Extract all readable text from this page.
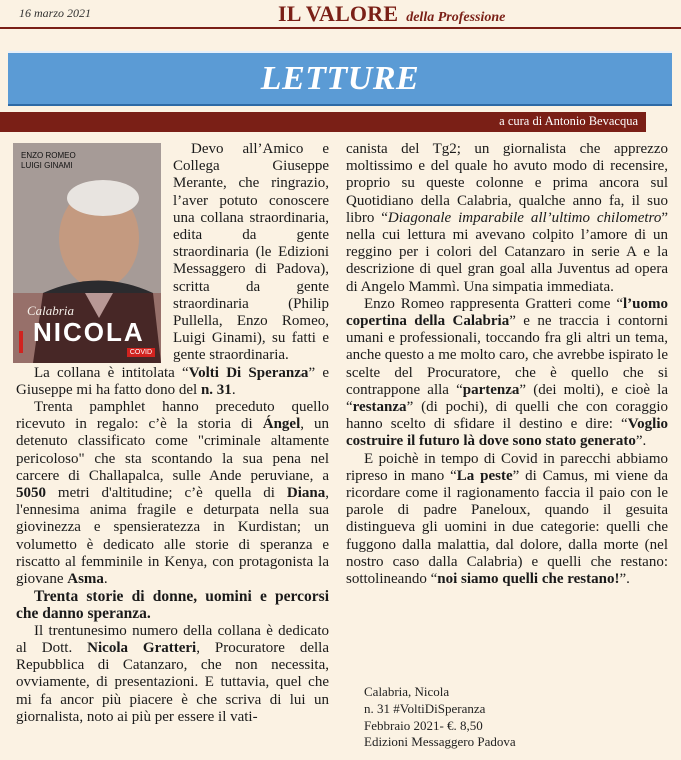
16 marzo 2021	IL VALORE della Professione
LETTURE
a cura di Antonio Bevacqua
ENZO ROMEO
LUIGI GINAMI
Calabria
NICOLA
COVID

Devo all’Amico e Collega Giuseppe Merante, che ringrazio, l’aver potuto conoscere una collana straordinaria, edita da gente straordinaria (le Edizioni Messaggero di Padova), scritta da gente straordinaria (Philip Pullella, Enzo Romeo, Luigi Ginami), su fatti e gente straordinaria.

La collana è intitolata “Volti Di Speranza” e Giuseppe mi ha fatto dono del n. 31.

Trenta pamphlet hanno preceduto quello ricevuto in regalo: c’è la storia di Ángel, un detenuto classificato come "criminale altamente pericoloso" che sta scontando la sua pena nel carcere di Challapalca, sulle Ande peruviane, a 5050 metri d'altitudine; c’è quella di Diana, l'ennesima anima fragile e deturpata nella sua giovinezza e spensieratezza in Kurdistan; un volumetto è dedicato alle storie di speranza e riscatto al femminile in Kenya, con protagonista la giovane Asma.

Trenta storie di donne, uomini e percorsi che danno speranza.

Il trentunesimo numero della collana è dedicato al Dott. Nicola Gratteri, Procuratore della Repubblica di Catanzaro, che non necessita, ovviamente, di presentazioni. E tuttavia, quel che mi fa ancor più piacere è che scriva di lui un giornalista, noto ai più per essere il vati-

canista del Tg2; un giornalista che apprezzo moltissimo e del quale ho avuto modo di recensire, proprio su queste colonne e prima ancora sul Quotidiano della Calabria, qualche anno fa, il suo libro “Diagonale imparabile all’ultimo chilometro” nella cui lettura mi avevano colpito l’amore di un reggino per i colori del Catanzaro in serie A e la descrizione di quel gran goal alla Juventus ad opera di Angelo Mammì. Una simpatia immediata.

Enzo Romeo rappresenta Gratteri come “l’uomo copertina della Calabria” e ne traccia i contorni umani e professionali, toccando fra gli altri un tema, anche questo a me molto caro, che avrebbe ispirato le scelte del Procuratore, che è quello che si contrappone alla “partenza” (dei molti), e cioè la “restanza” (di pochi), di quelli che con coraggio hanno scelto di sfidare il destino e dire: “Voglio costruire il futuro là dove sono stato generato”.

E poichè in tempo di Covid in parecchi abbiamo ripreso in mano “La peste” di Camus, mi viene da ricordare come il ragionamento faccia il paio con le parole di padre Paneloux, quando il gesuita distingueva gli uomini in due categorie: quelli che fuggono dalla malattia, dal dolore, dalla morte (nel nostro caso dalla Calabria) e quelli che restano: sottolineando “noi siamo quelli che restano!”.

Calabria, Nicola
n. 31 #VoltiDiSperanza
Febbraio 2021- €. 8,50
Edizioni Messaggero Padova
